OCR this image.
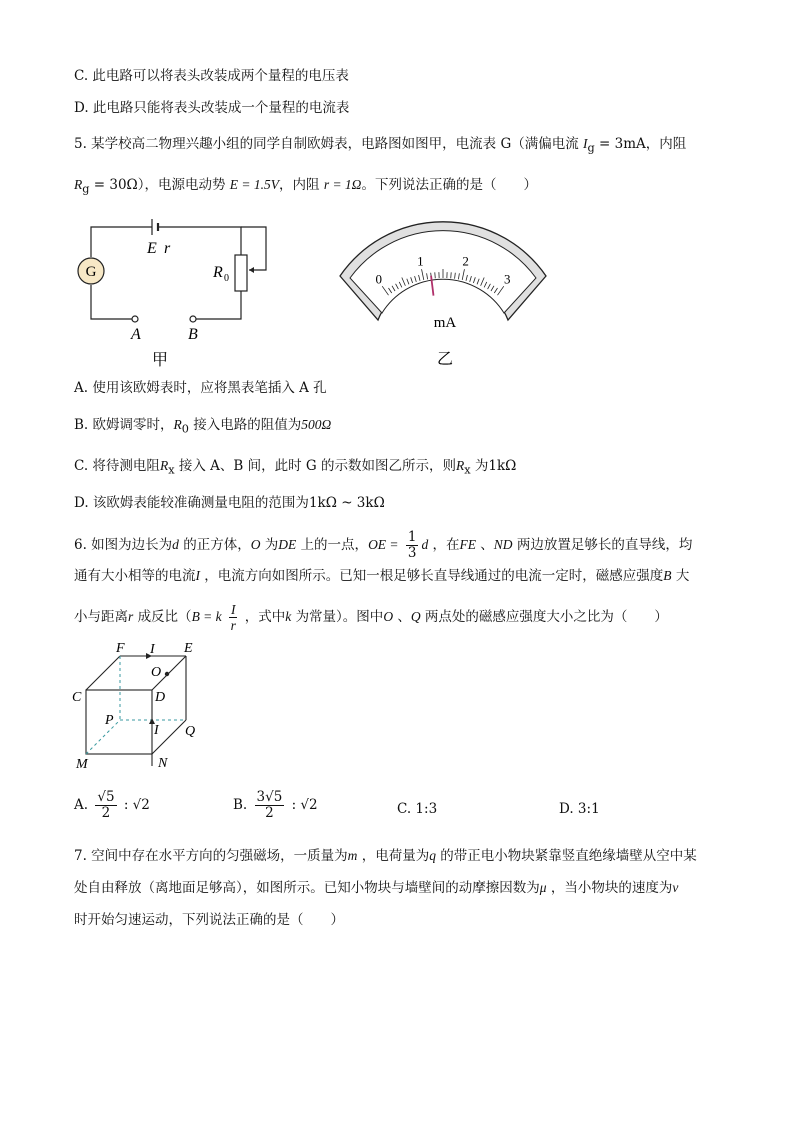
C. 此电路可以将表头改装成两个量程的电压表
D. 此电路只能将表头改装成一个量程的电流表
5. 某学校高二物理兴趣小组的同学自制欧姆表，电路图如图甲，电流表 G（满偏电流 $I_g = 3mA$，内阻
$R_g = 30\Omega$），电源电动势 E = 1.5V，内阻 r = 1Ω。下列说法正确的是（　　）
G
E r
R 0
A	B
甲
0
1	2
3
mA
乙
A. 使用该欧姆表时，应将黑表笔插入 A 孔
B. 欧姆调零时，$R_0$ 接入电路的阻值为500Ω
C. 将待测电阻$R_x$ 接入 A、B 间，此时 G 的示数如图乙所示，则$R_x$ 为1kΩ
D. 该欧姆表能较准确测量电阻的范围为1kΩ ~ 3kΩ
6. 如图为边长为d 的正方体，O 为DE 上的一点，OE = $\frac{1}{3}$ d ，在FE 、ND 两边放置足够长的直导线，均
通有大小相等的电流I ，电流方向如图所示。已知一根足够长直导线通过的电流一定时，磁感应强度B 大
小与距离r 成反比（B = k $\frac{I}{r}$ ，式中k 为常量）。图中O 、Q 两点处的磁感应强度大小之比为（　　）
F I E
O
C	D
P
I Q
M	N
A. $\frac{√5}{2}$ : √2	B. $\frac{3√5}{2}$ : √2	C. 1:3	D. 3:1
7. 空间中存在水平方向的匀强磁场，一质量为m ，电荷量为q 的带正电小物块紧靠竖直绝缘墙壁从空中某
处自由释放（离地面足够高），如图所示。已知小物块与墙壁间的动摩擦因数为μ ，当小物块的速度为v
时开始匀速运动，下列说法正确的是（　　）
